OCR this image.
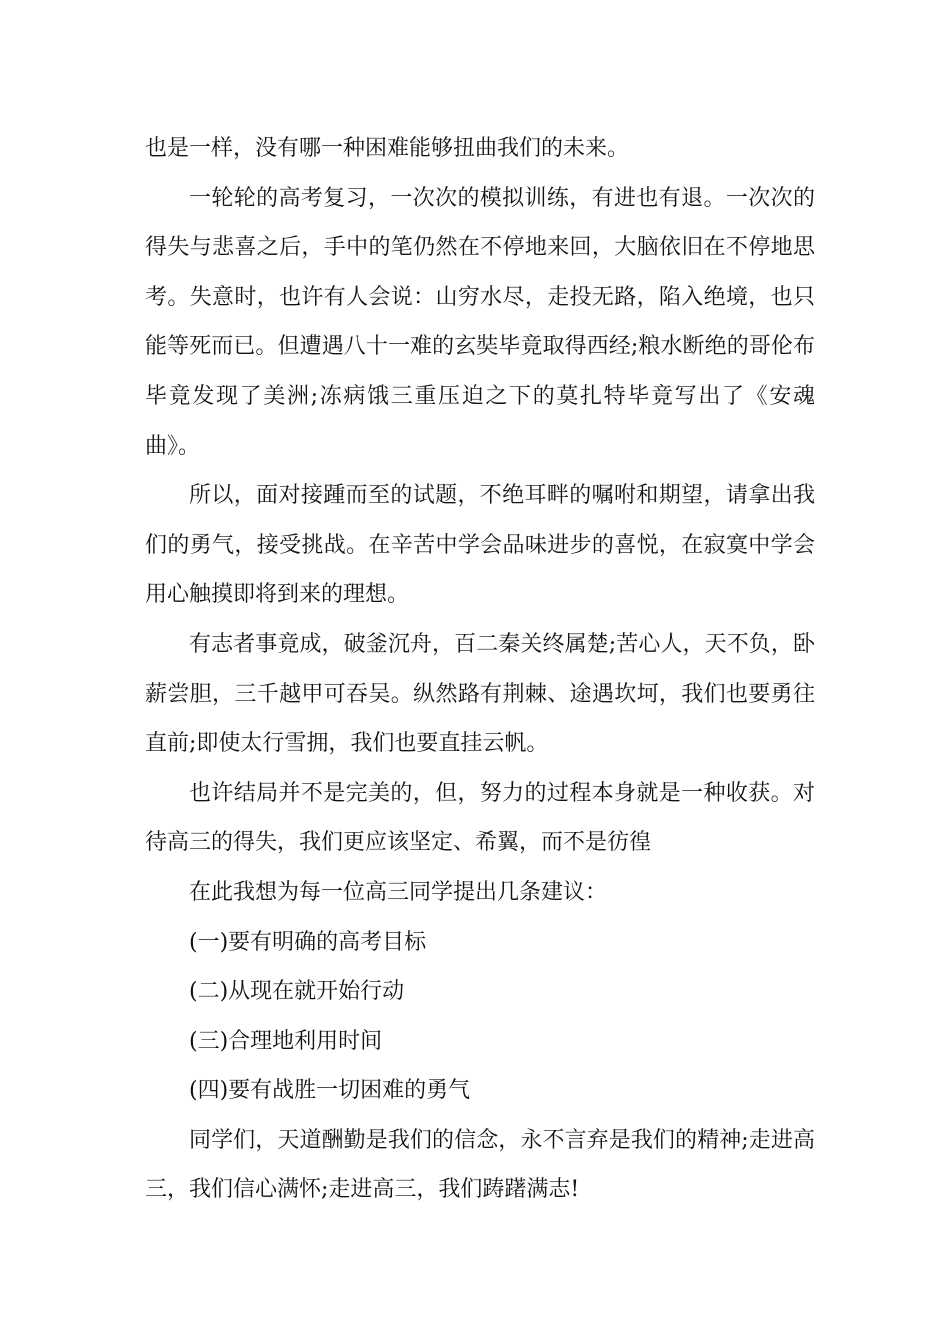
也是一样，没有哪一种困难能够扭曲我们的未来。

一轮轮的高考复习，一次次的模拟训练，有进也有退。一次次的得失与悲喜之后，手中的笔仍然在不停地来回，大脑依旧在不停地思考。失意时，也许有人会说：山穷水尽，走投无路，陷入绝境，也只能等死而已。但遭遇八十一难的玄奘毕竟取得西经;粮水断绝的哥伦布毕竟发现了美洲;冻病饿三重压迫之下的莫扎特毕竟写出了《安魂曲》。

所以，面对接踵而至的试题，不绝耳畔的嘱咐和期望，请拿出我们的勇气，接受挑战。在辛苦中学会品味进步的喜悦，在寂寞中学会用心触摸即将到来的理想。

有志者事竟成，破釜沉舟，百二秦关终属楚;苦心人，天不负，卧薪尝胆，三千越甲可吞吴。纵然路有荆棘、途遇坎坷，我们也要勇往直前;即使太行雪拥，我们也要直挂云帆。

也许结局并不是完美的，但，努力的过程本身就是一种收获。对待高三的得失，我们更应该坚定、希翼，而不是彷徨

在此我想为每一位高三同学提出几条建议：

(一)要有明确的高考目标

(二)从现在就开始行动

(三)合理地利用时间

(四)要有战胜一切困难的勇气

同学们，天道酬勤是我们的信念，永不言弃是我们的精神;走进高三，我们信心满怀;走进高三，我们踌躇满志!
